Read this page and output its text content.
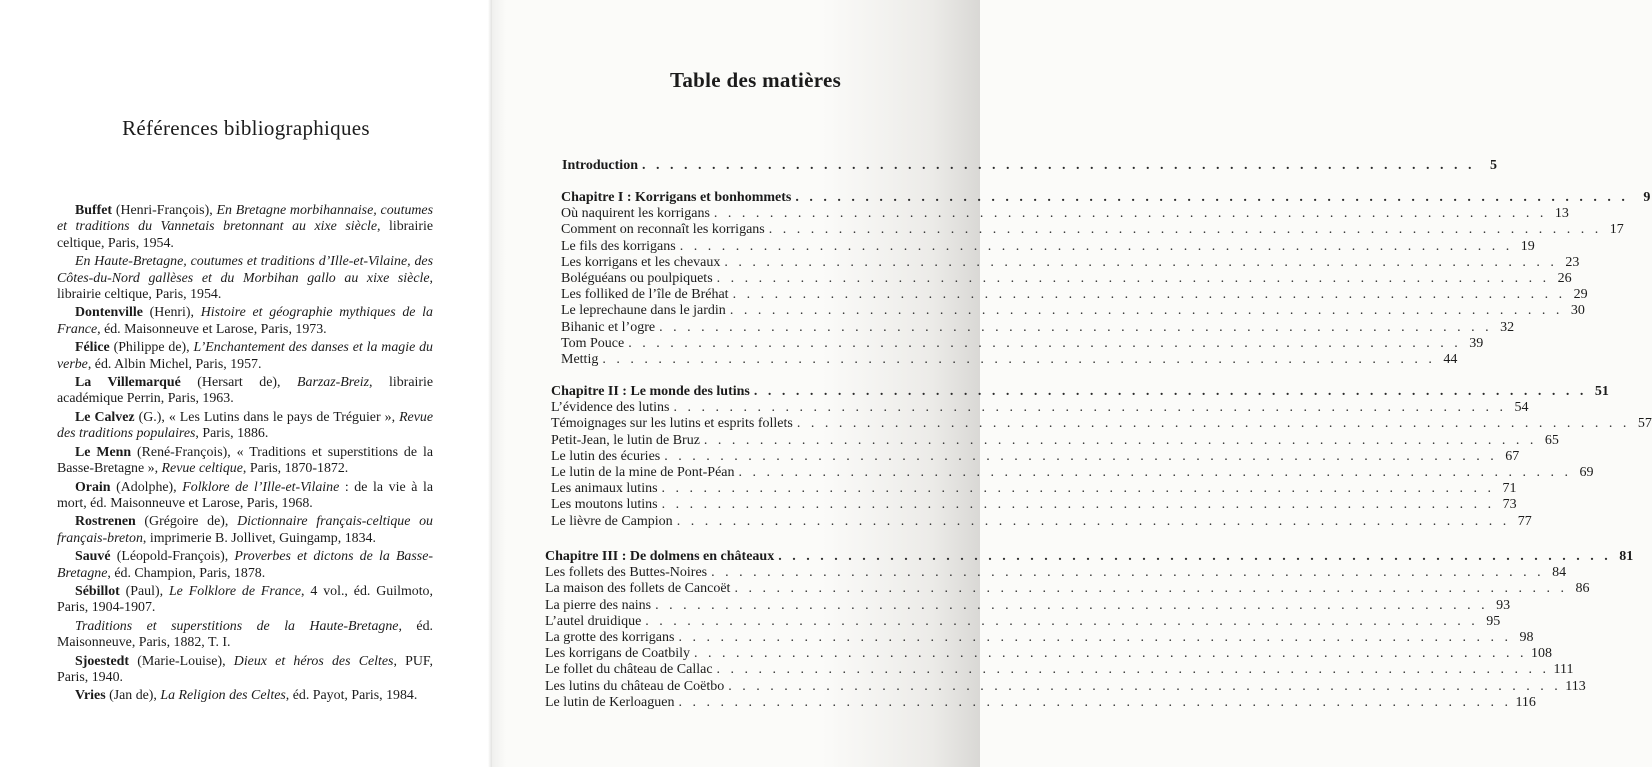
Références bibliographiques

Buffet (Henri-François), En Bretagne morbihannaise, coutumes et traditions du Vannetais bretonnant au xixe siècle, librairie celtique, Paris, 1954.

En Haute-Bretagne, coutumes et traditions d’Ille-et-Vilaine, des Côtes-du-Nord gallèses et du Morbihan gallo au xixe siècle, librairie celtique, Paris, 1954.

Dontenville (Henri), Histoire et géographie mythiques de la France, éd. Maisonneuve et Larose, Paris, 1973.

Félice (Philippe de), L’Enchantement des danses et la magie du verbe, éd. Albin Michel, Paris, 1957.

La Villemarqué (Hersart de), Barzaz-Breiz, librairie académique Perrin, Paris, 1963.

Le Calvez (G.), « Les Lutins dans le pays de Tréguier », Revue des traditions populaires, Paris, 1886.

Le Menn (René-François), « Traditions et superstitions de la Basse-Bretagne », Revue celtique, Paris, 1870-1872.

Orain (Adolphe), Folklore de l’Ille-et-Vilaine : de la vie à la mort, éd. Maisonneuve et Larose, Paris, 1968.

Rostrenen (Grégoire de), Dictionnaire français-celtique ou français-breton, imprimerie B. Jollivet, Guingamp, 1834.

Sauvé (Léopold-François), Proverbes et dictons de la Basse-Bretagne, éd. Champion, Paris, 1878.

Sébillot (Paul), Le Folklore de France, 4 vol., éd. Guilmoto, Paris, 1904-1907.

Traditions et superstitions de la Haute-Bretagne, éd. Maisonneuve, Paris, 1882, T. I.

Sjoestedt (Marie-Louise), Dieux et héros des Celtes, PUF, Paris, 1940.

Vries (Jan de), La Religion des Celtes, éd. Payot, Paris, 1984.

Table des matières
Introduction . . . . . . . . . . . . . . . . . . . . . . . . . . . . . . . . . . . . . . . . . . . . . . . . . . . . . . . . . . . .	5
Chapitre I : Korrigans et bonhommets . . . . . . . . . . . . . . . . . . . . . . . . . . . . . . . . . . . . . . . . . . . . . . . . . . . . . . . . . . . .	9
Où naquirent les korrigans . . . . . . . . . . . . . . . . . . . . . . . . . . . . . . . . . . . . . . . . . . . . . . . . . . . . . . . . . . . . 13
Comment on reconnaît les korrigans . . . . . . . . . . . . . . . . . . . . . . . . . . . . . . . . . . . . . . . . . . . . . . . . . . . . . . . . . . . . 17
Le fils des korrigans . . . . . . . . . . . . . . . . . . . . . . . . . . . . . . . . . . . . . . . . . . . . . . . . . . . . . . . . . . . . 19
Les korrigans et les chevaux . . . . . . . . . . . . . . . . . . . . . . . . . . . . . . . . . . . . . . . . . . . . . . . . . . . . . . . . . . . . 23
Boléguéans ou poulpiquets . . . . . . . . . . . . . . . . . . . . . . . . . . . . . . . . . . . . . . . . . . . . . . . . . . . . . . . . . . . . 26
Les folliked de l’île de Bréhat . . . . . . . . . . . . . . . . . . . . . . . . . . . . . . . . . . . . . . . . . . . . . . . . . . . . . . . . . . . . 29
Le leprechaune dans le jardin . . . . . . . . . . . . . . . . . . . . . . . . . . . . . . . . . . . . . . . . . . . . . . . . . . . . . . . . . . . . 30
Bihanic et l’ogre . . . . . . . . . . . . . . . . . . . . . . . . . . . . . . . . . . . . . . . . . . . . . . . . . . . . . . . . . . . . 32
Tom Pouce . . . . . . . . . . . . . . . . . . . . . . . . . . . . . . . . . . . . . . . . . . . . . . . . . . . . . . . . . . . . 39
Mettig . . . . . . . . . . . . . . . . . . . . . . . . . . . . . . . . . . . . . . . . . . . . . . . . . . . . . . . . . . . . 44
Chapitre II : Le monde des lutins . . . . . . . . . . . . . . . . . . . . . . . . . . . . . . . . . . . . . . . . . . . . . . . . . . . . . . . . . . . . 51
L’évidence des lutins . . . . . . . . . . . . . . . . . . . . . . . . . . . . . . . . . . . . . . . . . . . . . . . . . . . . . . . . . . . . 54
Témoignages sur les lutins et esprits follets . . . . . . . . . . . . . . . . . . . . . . . . . . . . . . . . . . . . . . . . . . . . . . . . . . . . . . . . . . . . 57
Petit-Jean, le lutin de Bruz . . . . . . . . . . . . . . . . . . . . . . . . . . . . . . . . . . . . . . . . . . . . . . . . . . . . . . . . . . . . 65
Le lutin des écuries . . . . . . . . . . . . . . . . . . . . . . . . . . . . . . . . . . . . . . . . . . . . . . . . . . . . . . . . . . . . 67
Le lutin de la mine de Pont-Péan . . . . . . . . . . . . . . . . . . . . . . . . . . . . . . . . . . . . . . . . . . . . . . . . . . . . . . . . . . . . 69
Les animaux lutins . . . . . . . . . . . . . . . . . . . . . . . . . . . . . . . . . . . . . . . . . . . . . . . . . . . . . . . . . . . . 71
Les moutons lutins . . . . . . . . . . . . . . . . . . . . . . . . . . . . . . . . . . . . . . . . . . . . . . . . . . . . . . . . . . . . 73
Le lièvre de Campion . . . . . . . . . . . . . . . . . . . . . . . . . . . . . . . . . . . . . . . . . . . . . . . . . . . . . . . . . . . . 77
Chapitre III : De dolmens en châteaux . . . . . . . . . . . . . . . . . . . . . . . . . . . . . . . . . . . . . . . . . . . . . . . . . . . . . . . . . . . . 81
Les follets des Buttes-Noires . . . . . . . . . . . . . . . . . . . . . . . . . . . . . . . . . . . . . . . . . . . . . . . . . . . . . . . . . . . . 84
La maison des follets de Cancoët . . . . . . . . . . . . . . . . . . . . . . . . . . . . . . . . . . . . . . . . . . . . . . . . . . . . . . . . . . . . 86
La pierre des nains . . . . . . . . . . . . . . . . . . . . . . . . . . . . . . . . . . . . . . . . . . . . . . . . . . . . . . . . . . . . 93
L’autel druidique . . . . . . . . . . . . . . . . . . . . . . . . . . . . . . . . . . . . . . . . . . . . . . . . . . . . . . . . . . . . 95
La grotte des korrigans . . . . . . . . . . . . . . . . . . . . . . . . . . . . . . . . . . . . . . . . . . . . . . . . . . . . . . . . . . . . 98
Les korrigans de Coatbily . . . . . . . . . . . . . . . . . . . . . . . . . . . . . . . . . . . . . . . . . . . . . . . . . . . . . . . . . . . . 108
Le follet du château de Callac . . . . . . . . . . . . . . . . . . . . . . . . . . . . . . . . . . . . . . . . . . . . . . . . . . . . . . . . . . . . 111
Les lutins du château de Coëtbo . . . . . . . . . . . . . . . . . . . . . . . . . . . . . . . . . . . . . . . . . . . . . . . . . . . . . . . . . . . . 113
Le lutin de Kerloaguen . . . . . . . . . . . . . . . . . . . . . . . . . . . . . . . . . . . . . . . . . . . . . . . . . . . . . . . . . . . . 116
